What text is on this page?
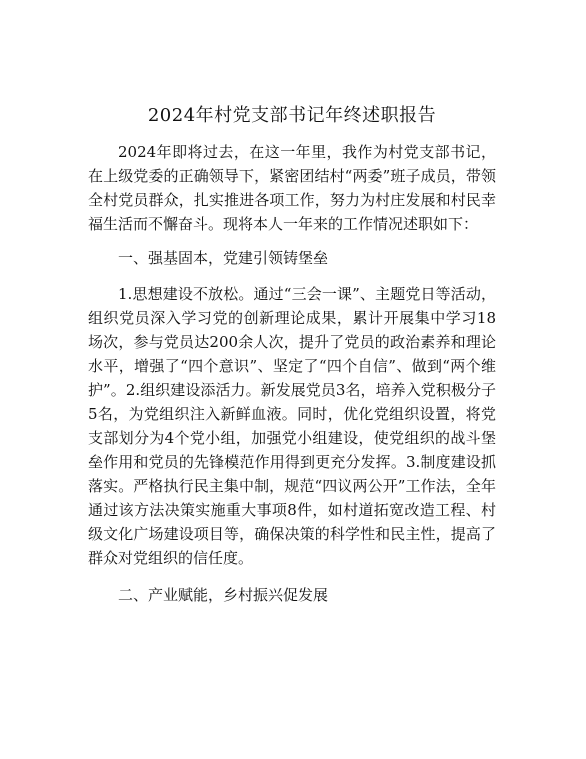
2024年村党支部书记年终述职报告

2024年即将过去，在这一年里，我作为村党支部书记，在上级党委的正确领导下，紧密团结村“两委”班子成员，带领全村党员群众，扎实推进各项工作，努力为村庄发展和村民幸福生活而不懈奋斗。现将本人一年来的工作情况述职如下：

一、强基固本，党建引领铸堡垒

1.思想建设不放松。通过“三会一课”、主题党日等活动，组织党员深入学习党的创新理论成果，累计开展集中学习18场次，参与党员达200余人次，提升了党员的政治素养和理论水平，增强了“四个意识”、坚定了“四个自信”、做到“两个维护”。2.组织建设添活力。新发展党员3名，培养入党积极分子5名，为党组织注入新鲜血液。同时，优化党组织设置，将党支部划分为4个党小组，加强党小组建设，使党组织的战斗堡垒作用和党员的先锋模范作用得到更充分发挥。3.制度建设抓落实。严格执行民主集中制，规范“四议两公开”工作法，全年通过该方法决策实施重大事项8件，如村道拓宽改造工程、村级文化广场建设项目等，确保决策的科学性和民主性，提高了群众对党组织的信任度。

二、产业赋能，乡村振兴促发展
